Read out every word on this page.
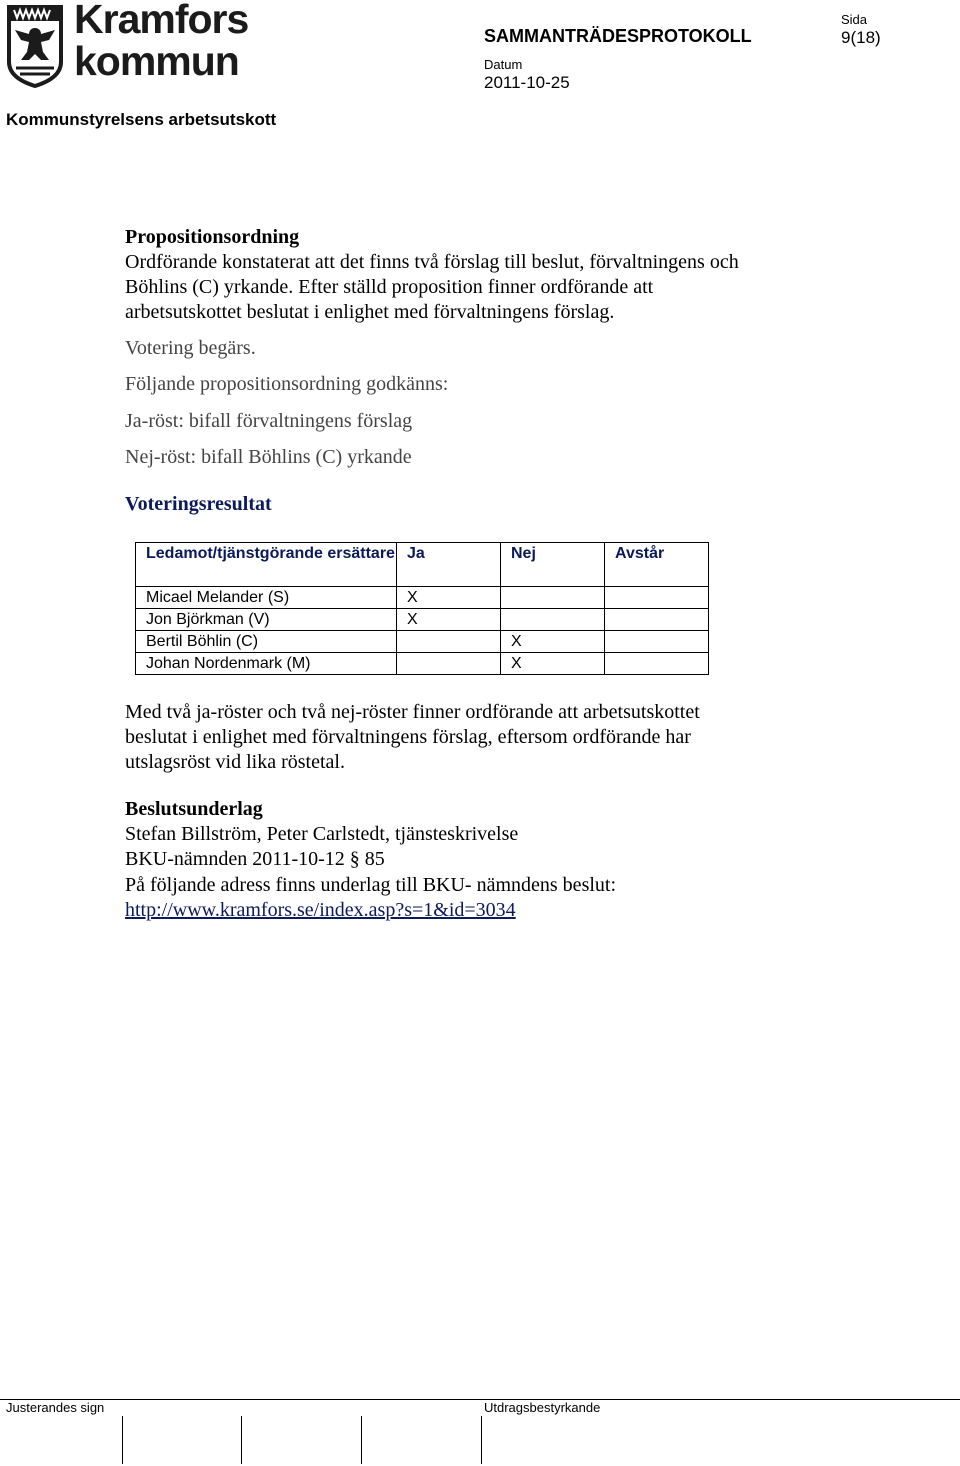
Kramfors
kommun
SAMMANTRÄDESPROTOKOLL
Sida
9(18)
Datum
2011-10-25
Kommunstyrelsens arbetsutskott
Propositionsordning
Ordförande konstaterat att det finns två förslag till beslut, förvaltningens och
Böhlins (C) yrkande. Efter ställd proposition finner ordförande att
arbetsutskottet beslutat i enlighet med förvaltningens förslag.
Votering begärs.
Följande propositionsordning godkänns:
Ja-röst: bifall förvaltningens förslag
Nej-röst: bifall Böhlins (C) yrkande
Voteringsresultat
Ledamot/tjänstgörande ersättare	Ja	Nej	Avstår
Micael Melander (S)	X		
Jon Björkman (V)	X		
Bertil Böhlin (C)		X	
Johan Nordenmark (M)		X	
Med två ja-röster och två nej-röster finner ordförande att arbetsutskottet
beslutat i enlighet med förvaltningens förslag, eftersom ordförande har
utslagsröst vid lika röstetal.
Beslutsunderlag
Stefan Billström, Peter Carlstedt, tjänsteskrivelse
BKU-nämnden 2011-10-12 § 85
På följande adress finns underlag till BKU- nämndens beslut:
http://www.kramfors.se/index.asp?s=1&id=3034
Justerandes sign	Utdragsbestyrkande
